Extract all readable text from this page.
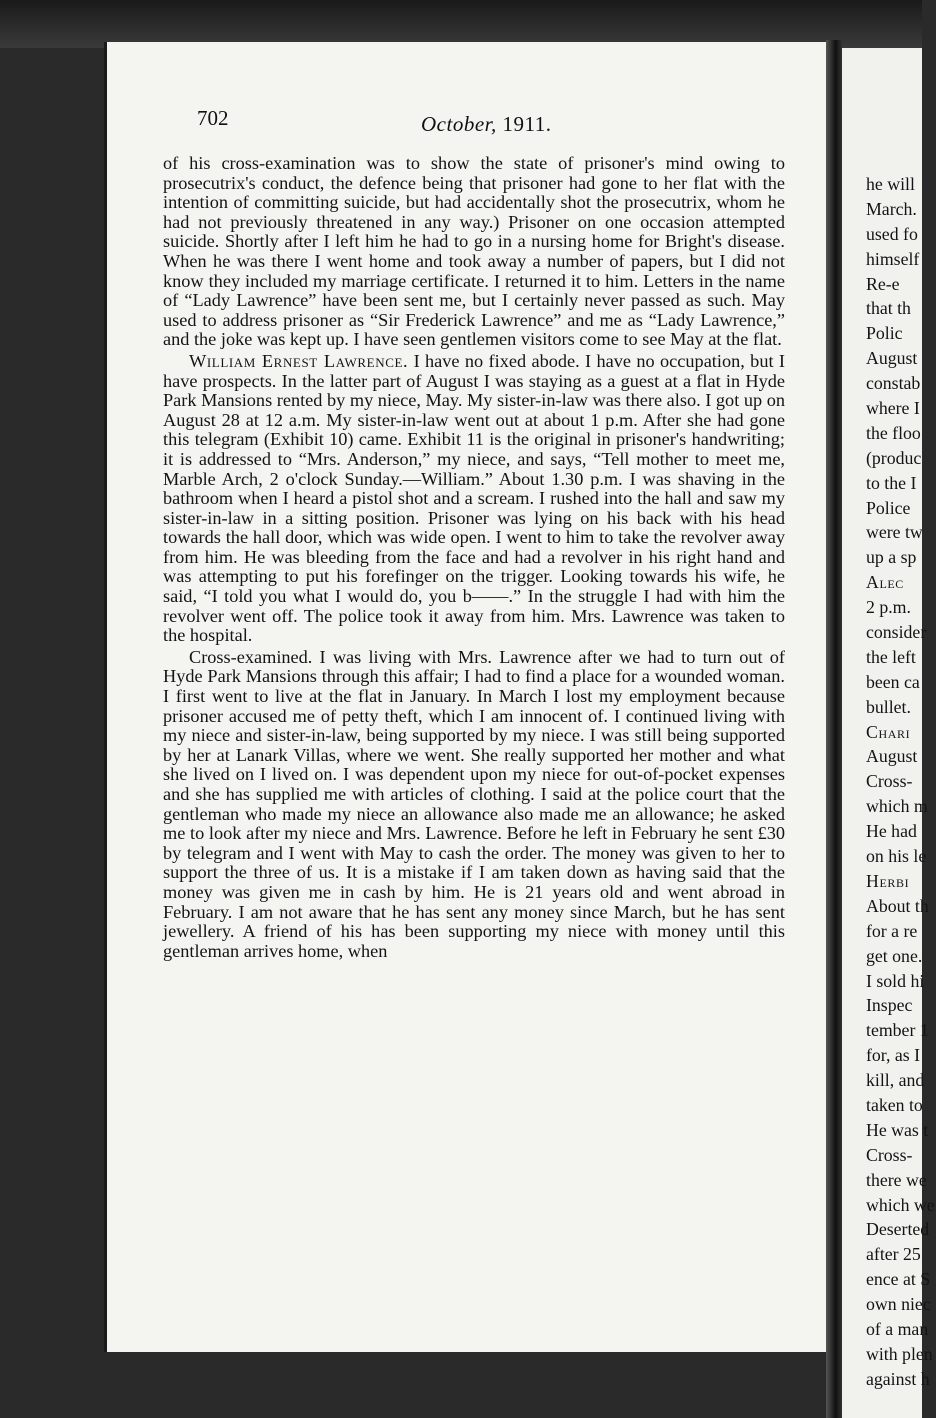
702	October, 1911.

of his cross-examination was to show the state of prisoner's mind owing to prosecutrix's conduct, the defence being that prisoner had gone to her flat with the intention of committing suicide, but had accidentally shot the prosecutrix, whom he had not previously threatened in any way.) Prisoner on one occasion attempted suicide. Shortly after I left him he had to go in a nursing home for Bright's disease. When he was there I went home and took away a number of papers, but I did not know they included my marriage certificate. I returned it to him. Letters in the name of “Lady Lawrence” have been sent me, but I certainly never passed as such. May used to address prisoner as “Sir Frederick Lawrence” and me as “Lady Lawrence,” and the joke was kept up. I have seen gentlemen visitors come to see May at the flat.

William Ernest Lawrence. I have no fixed abode. I have no occupation, but I have prospects. In the latter part of August I was staying as a guest at a flat in Hyde Park Mansions rented by my niece, May. My sister-in-law was there also. I got up on August 28 at 12 a.m. My sister-in-law went out at about 1 p.m. After she had gone this telegram (Exhibit 10) came. Exhibit 11 is the original in prisoner's handwriting; it is addressed to “Mrs. Anderson,” my niece, and says, “Tell mother to meet me, Marble Arch, 2 o'clock Sunday.—William.” About 1.30 p.m. I was shaving in the bathroom when I heard a pistol shot and a scream. I rushed into the hall and saw my sister-in-law in a sitting position. Prisoner was lying on his back with his head towards the hall door, which was wide open. I went to him to take the revolver away from him. He was bleeding from the face and had a revolver in his right hand and was attempting to put his forefinger on the trigger. Looking towards his wife, he said, “I told you what I would do, you b——.” In the struggle I had with him the revolver went off. The police took it away from him. Mrs. Lawrence was taken to the hospital.

Cross-examined. I was living with Mrs. Lawrence after we had to turn out of Hyde Park Mansions through this affair; I had to find a place for a wounded woman. I first went to live at the flat in January. In March I lost my employment because prisoner accused me of petty theft, which I am innocent of. I continued living with my niece and sister-in-law, being supported by my niece. I was still being supported by her at Lanark Villas, where we went. She really supported her mother and what she lived on I lived on. I was dependent upon my niece for out-of-pocket expenses and she has supplied me with articles of clothing. I said at the police court that the gentleman who made my niece an allowance also made me an allowance; he asked me to look after my niece and Mrs. Lawrence. Before he left in February he sent £30 by telegram and I went with May to cash the order. The money was given to her to support the three of us. It is a mistake if I am taken down as having said that the money was given me in cash by him. He is 21 years old and went abroad in February. I am not aware that he has sent any money since March, but he has sent jewellery. A friend of his has been supporting my niece with money until this gentleman arrives home, when

he will
March.
used fo
himself
Re-e
that th
Polic
August
constab
where I
the floo
(produc
to the I
Police
were tw
up a sp
Alec
2 p.m.
consider
the left
been ca
bullet.
Chari
August
Cross-
which m
He had
on his le
Herbi
About th
for a re
get one.
I sold hi
Inspec
tember 1
for, as I
kill, and
taken to
He was t
Cross-
there we
which we
Deserted
after 25
ence at S
own niec
of a man
with plen
against h
